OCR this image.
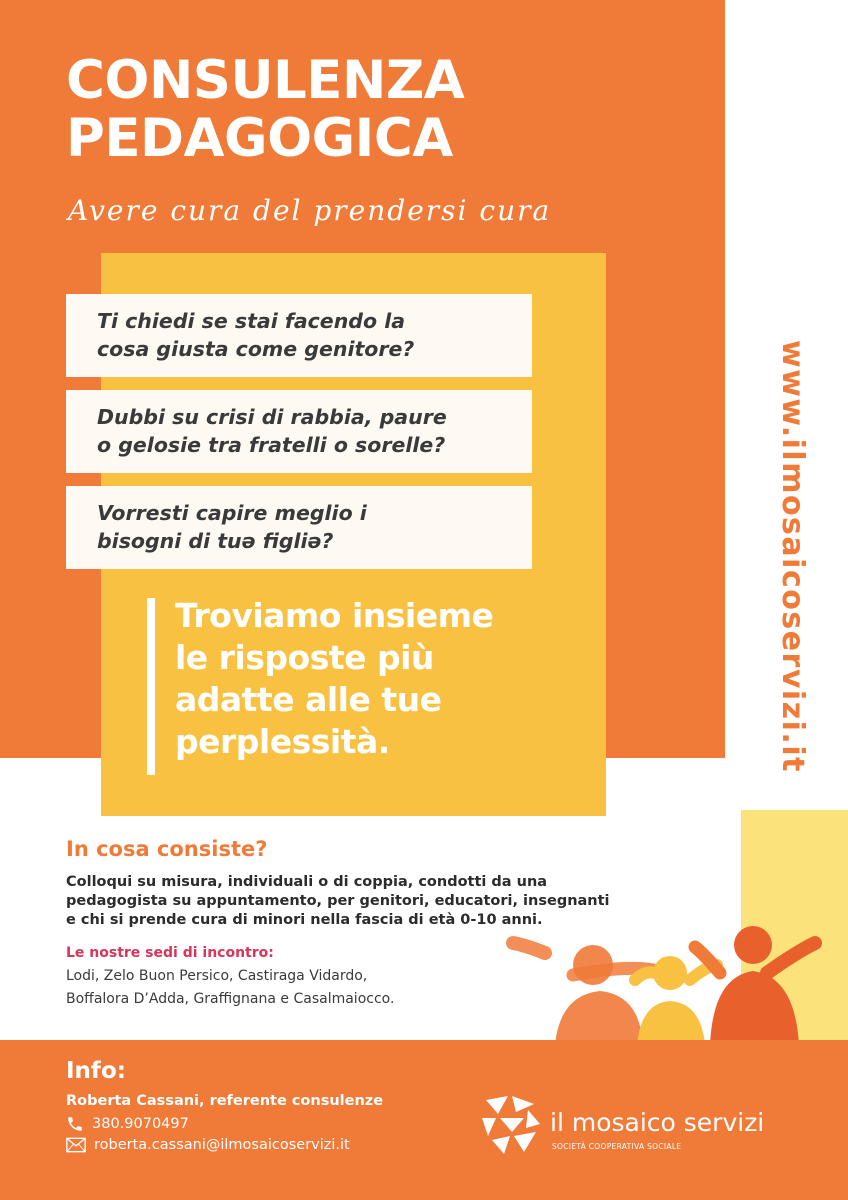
CONSULENZA
PEDAGOGICA
Avere cura del prendersi cura
Ti chiedi se stai facendo la
cosa giusta come genitore?
Dubbi su crisi di rabbia, paure
o gelosie tra fratelli o sorelle?
Vorresti capire meglio i
bisogni di tuə figliə?
Troviamo insieme
le risposte più
adatte alle tue
perplessità.	www.ilmosaicoservizi.it
In cosa consiste?
Colloqui su misura, individuali o di coppia, condotti da una
pedagogista su appuntamento, per genitori, educatori, insegnanti
e chi si prende cura di minori nella fascia di età 0-10 anni.
Le nostre sedi di incontro:
Lodi, Zelo Buon Persico, Castiraga Vidardo,
Boffalora D’Adda, Graffignana e Casalmaiocco.
Info:
Roberta Cassani, referente consulenze
380.9070497
roberta.cassani@ilmosaicoservizi.it
il mosaico servizi
SOCIETÀ COOPERATIVA SOCIALE
